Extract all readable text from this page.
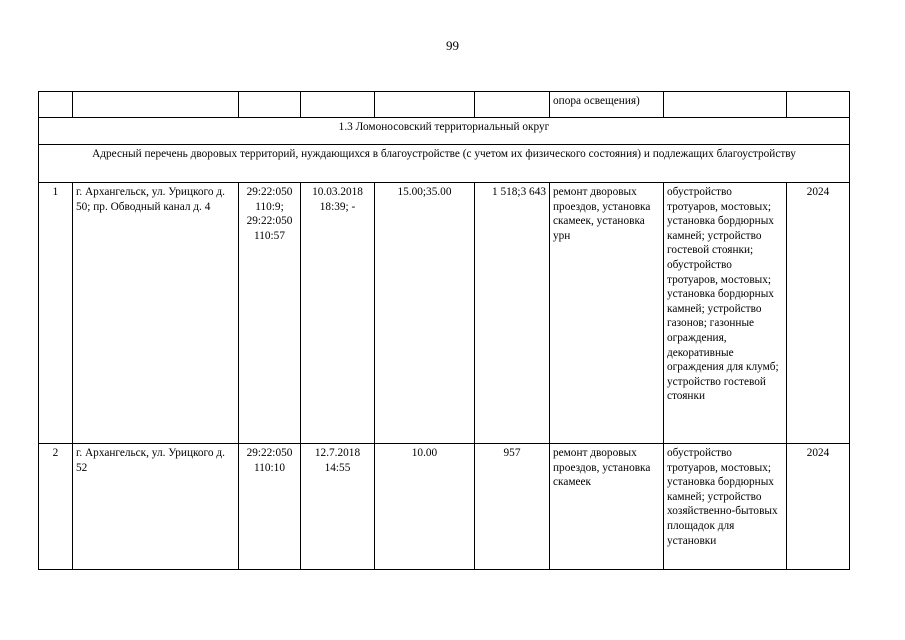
99
						опора освещения)		
1.3 Ломоносовский территориальный округ								
Адресный перечень дворовых территорий, нуждающихся в благоустройстве (с учетом их физического состояния) и подлежащих благоустройству								
1	г. Архангельск, ул. Урицкого д. 50; пр. Обводный канал д. 4	29:22:050 110:9; 29:22:050 110:57	10.03.2018 18:39; -	15.00;35.00	1 518;3 643	ремонт дворовых проездов, установка скамеек, установка урн	обустройство тротуаров, мостовых; установка бордюрных камней; устройство гостевой стоянки; обустройство тротуаров, мостовых; установка бордюрных камней; устройство газонов; газонные ограждения, декоративные ограждения для клумб; устройство гостевой стоянки	2024
2	г. Архангельск, ул. Урицкого д. 52	29:22:050 110:10	12.7.2018 14:55	10.00	957	ремонт дворовых проездов, установка скамеек	обустройство тротуаров, мостовых; установка бордюрных камней; устройство хозяйственно-бытовых площадок для установки	2024
